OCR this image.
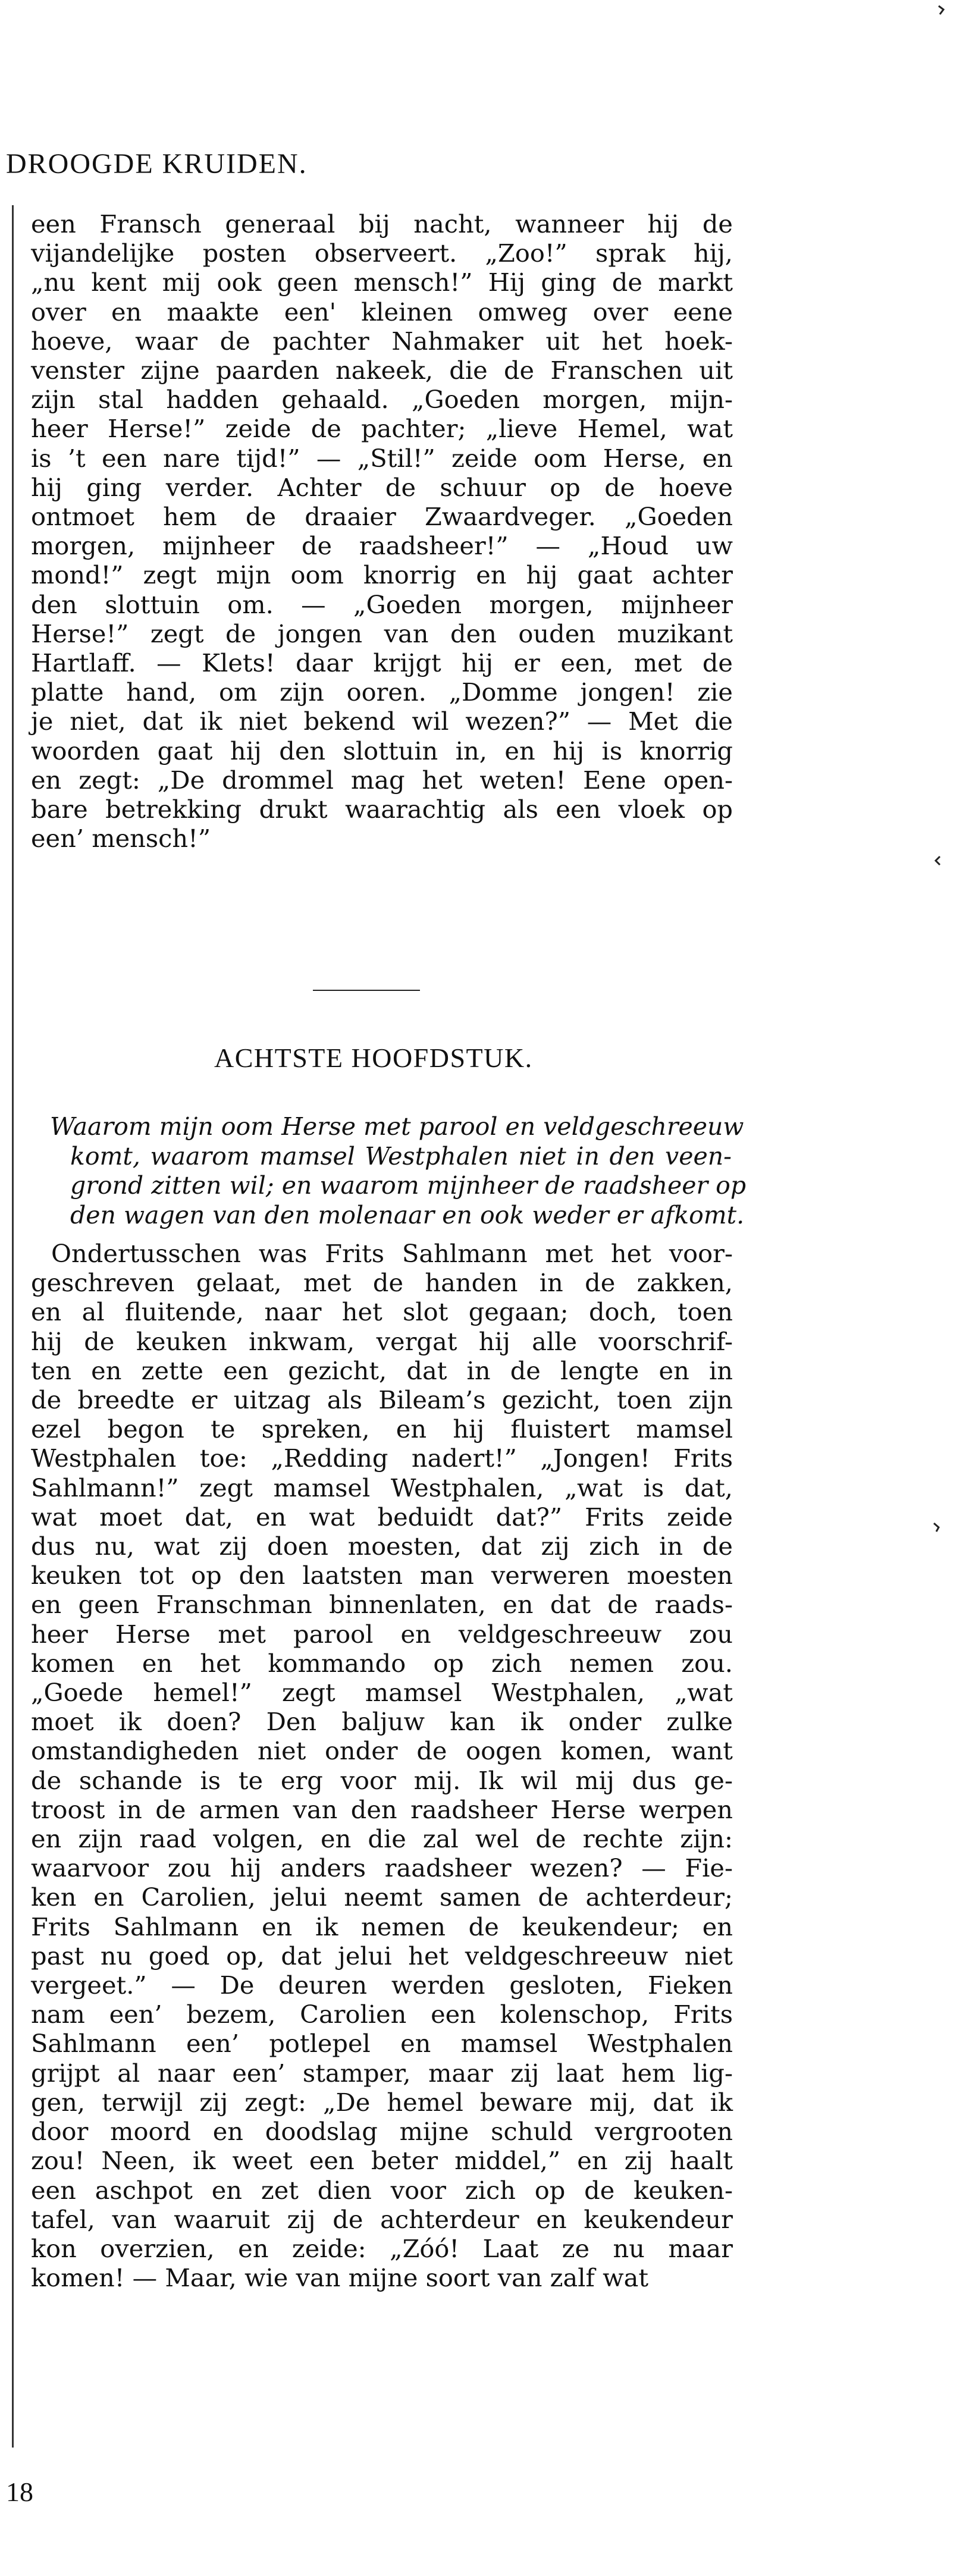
DROOGDE KRUIDEN.
een Fransch generaal bij nacht, wanneer hij de
vijandelijke posten observeert. „Zoo!” sprak hij,
„nu kent mij ook geen mensch!” Hij ging de markt
over en maakte een' kleinen omweg over eene
hoeve, waar de pachter Nahmaker uit het hoek-
venster zijne paarden nakeek, die de Franschen uit
zijn stal hadden gehaald. „Goeden morgen, mijn-
heer Herse!” zeide de pachter; „lieve Hemel, wat
is ’t een nare tijd!” — „Stil!” zeide oom Herse, en
hij ging verder. Achter de schuur op de hoeve
ontmoet hem de draaier Zwaardveger. „Goeden
morgen, mijnheer de raadsheer!” — „Houd uw
mond!” zegt mijn oom knorrig en hij gaat achter
den slottuin om. — „Goeden morgen, mijnheer
Herse!” zegt de jongen van den ouden muzikant
Hartlaff. — Klets! daar krijgt hij er een, met de
platte hand, om zijn ooren. „Domme jongen! zie
je niet, dat ik niet bekend wil wezen?” — Met die
woorden gaat hij den slottuin in, en hij is knorrig
en zegt: „De drommel mag het weten! Eene open-
bare betrekking drukt waarachtig als een vloek op
een’ mensch!”
ACHTSTE HOOFDSTUK.
Waarom mijn oom Herse met parool en veldgeschreeuw
komt, waarom mamsel Westphalen niet in den veen-
grond zitten wil; en waarom mijnheer de raadsheer op
den wagen van den molenaar en ook weder er afkomt.
Ondertusschen was Frits Sahlmann met het voor-
geschreven gelaat, met de handen in de zakken,
en al fluitende, naar het slot gegaan; doch, toen
hij de keuken inkwam, vergat hij alle voorschrif-
ten en zette een gezicht, dat in de lengte en in
de breedte er uitzag als Bileam’s gezicht, toen zijn
ezel begon te spreken, en hij fluistert mamsel
Westphalen toe: „Redding nadert!” „Jongen! Frits
Sahlmann!” zegt mamsel Westphalen, „wat is dat,
wat moet dat, en wat beduidt dat?” Frits zeide
dus nu, wat zij doen moesten, dat zij zich in de
keuken tot op den laatsten man verweren moesten
en geen Franschman binnenlaten, en dat de raads-
heer Herse met parool en veldgeschreeuw zou
komen en het kommando op zich nemen zou.
„Goede hemel!” zegt mamsel Westphalen, „wat
moet ik doen? Den baljuw kan ik onder zulke
omstandigheden niet onder de oogen komen, want
de schande is te erg voor mij. Ik wil mij dus ge-
troost in de armen van den raadsheer Herse werpen
en zijn raad volgen, en die zal wel de rechte zijn:
waarvoor zou hij anders raadsheer wezen? — Fie-
ken en Carolien, jelui neemt samen de achterdeur;
Frits Sahlmann en ik nemen de keukendeur; en
past nu goed op, dat jelui het veldgeschreeuw niet
vergeet.” — De deuren werden gesloten, Fieken
nam een’ bezem, Carolien een kolenschop, Frits
Sahlmann een’ potlepel en mamsel Westphalen
grijpt al naar een’ stamper, maar zij laat hem lig-
gen, terwijl zij zegt: „De hemel beware mij, dat ik
door moord en doodslag mijne schuld vergrooten
zou! Neen, ik weet een beter middel,” en zij haalt
een aschpot en zet dien voor zich op de keuken-
tafel, van waaruit zij de achterdeur en keukendeur
kon overzien, en zeide: „Zóó! Laat ze nu maar
komen! — Maar, wie van mijne soort van zalf wat
18
